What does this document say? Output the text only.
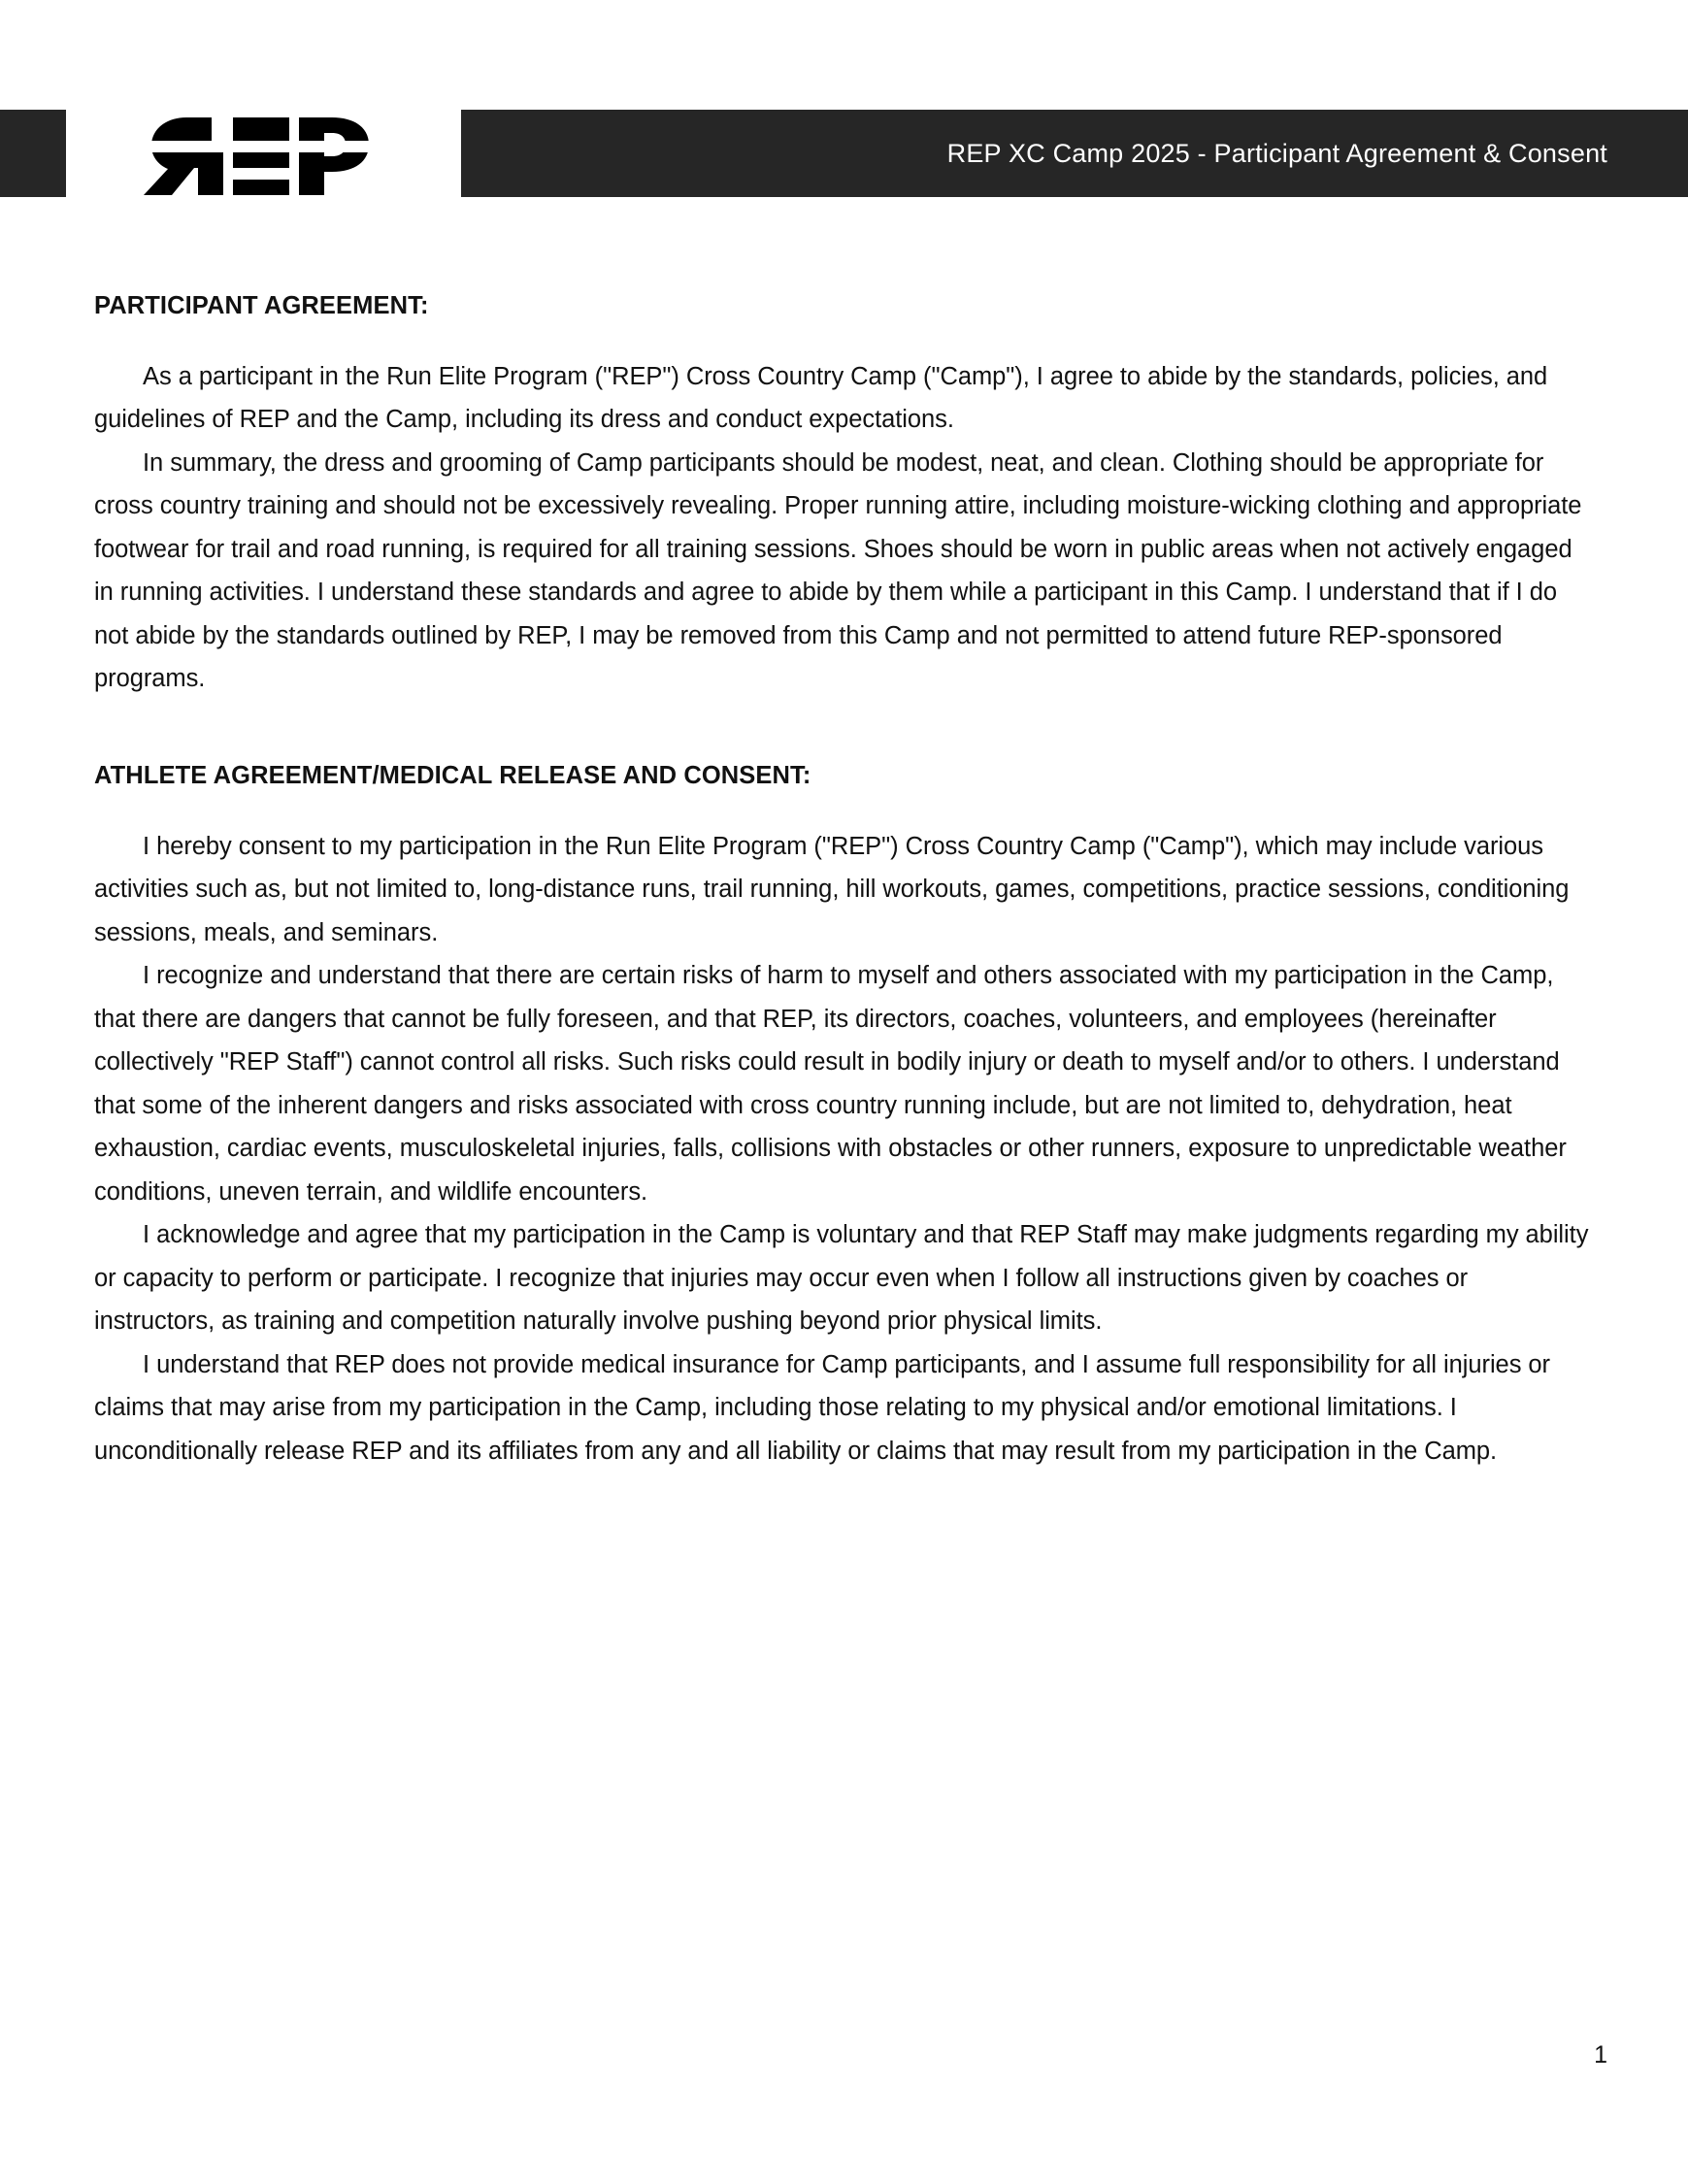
REP XC Camp 2025 - Participant Agreement & Consent
PARTICIPANT AGREEMENT:

As a participant in the Run Elite Program ("REP") Cross Country Camp ("Camp"), I agree to abide by the standards, policies, and guidelines of REP and the Camp, including its dress and conduct expectations.

In summary, the dress and grooming of Camp participants should be modest, neat, and clean. Clothing should be appropriate for cross country training and should not be excessively revealing. Proper running attire, including moisture-wicking clothing and appropriate footwear for trail and road running, is required for all training sessions. Shoes should be worn in public areas when not actively engaged in running activities. I understand these standards and agree to abide by them while a participant in this Camp. I understand that if I do not abide by the standards outlined by REP, I may be removed from this Camp and not permitted to attend future REP-sponsored programs.

ATHLETE AGREEMENT/MEDICAL RELEASE AND CONSENT:

I hereby consent to my participation in the Run Elite Program ("REP") Cross Country Camp ("Camp"), which may include various activities such as, but not limited to, long-distance runs, trail running, hill workouts, games, competitions, practice sessions, conditioning sessions, meals, and seminars.

I recognize and understand that there are certain risks of harm to myself and others associated with my participation in the Camp, that there are dangers that cannot be fully foreseen, and that REP, its directors, coaches, volunteers, and employees (hereinafter collectively "REP Staff") cannot control all risks. Such risks could result in bodily injury or death to myself and/or to others. I understand that some of the inherent dangers and risks associated with cross country running include, but are not limited to, dehydration, heat exhaustion, cardiac events, musculoskeletal injuries, falls, collisions with obstacles or other runners, exposure to unpredictable weather conditions, uneven terrain, and wildlife encounters.

I acknowledge and agree that my participation in the Camp is voluntary and that REP Staff may make judgments regarding my ability or capacity to perform or participate. I recognize that injuries may occur even when I follow all instructions given by coaches or instructors, as training and competition naturally involve pushing beyond prior physical limits.

I understand that REP does not provide medical insurance for Camp participants, and I assume full responsibility for all injuries or claims that may arise from my participation in the Camp, including those relating to my physical and/or emotional limitations. I unconditionally release REP and its affiliates from any and all liability or claims that may result from my participation in the Camp.

1
